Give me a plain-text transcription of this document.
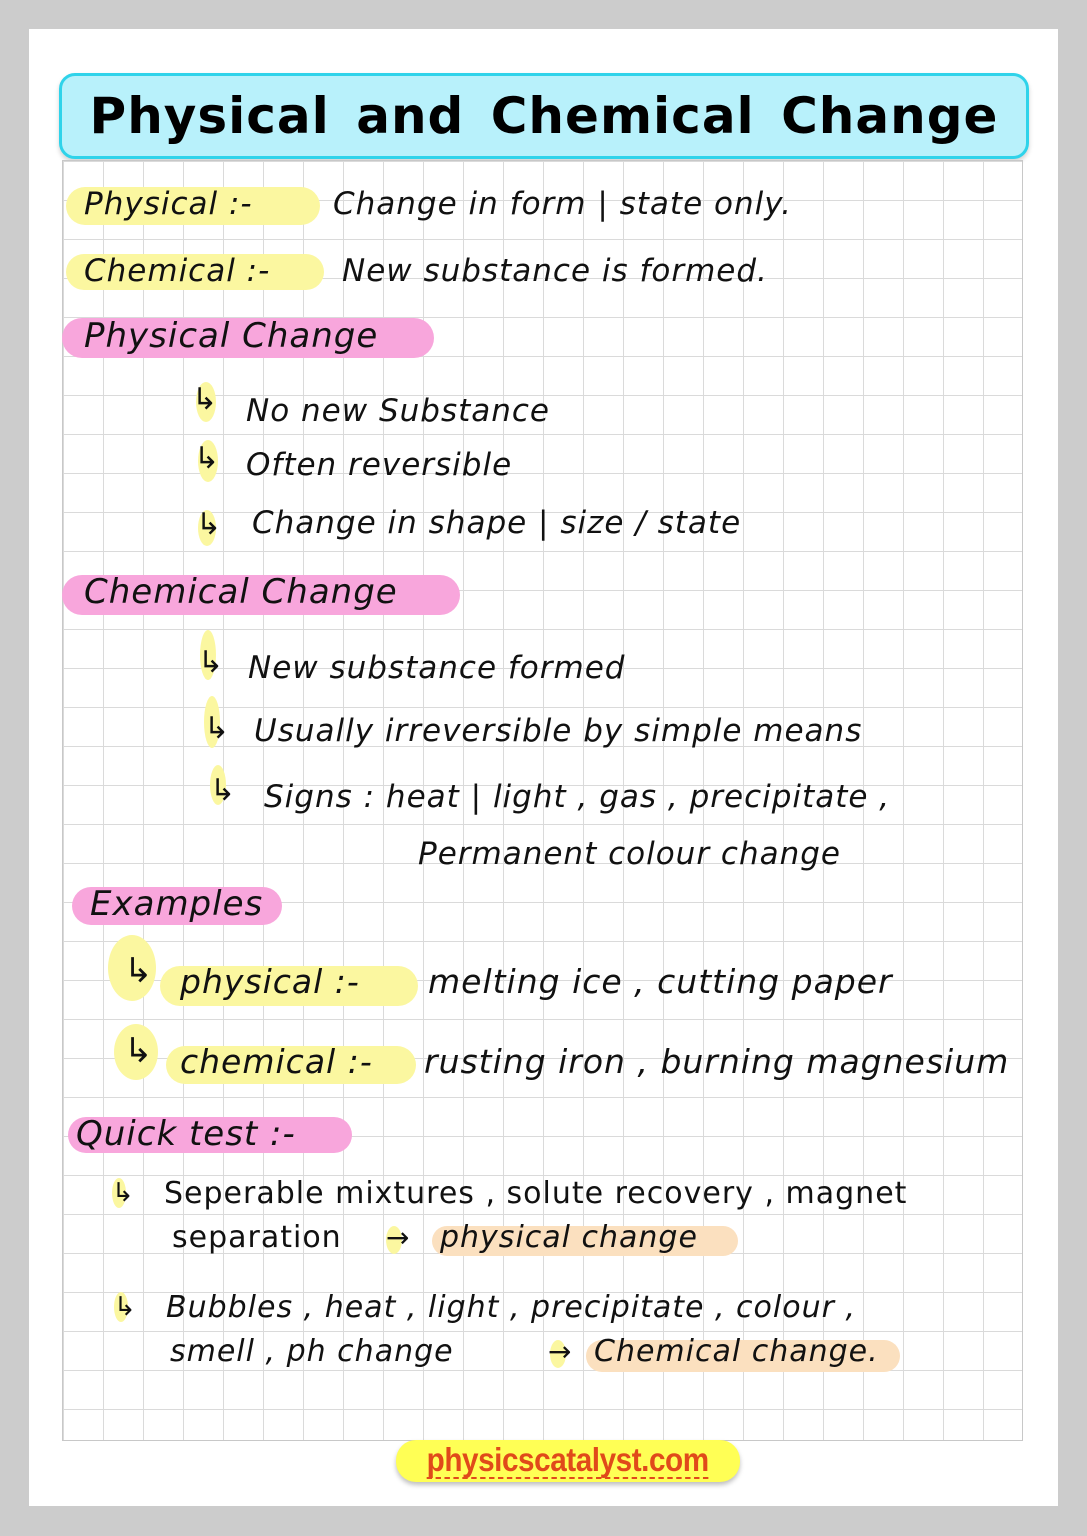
Physical and Chemical Change
Physical :-	Change in form | state only.
Chemical :- New substance is formed.
Physical Change
↳ No new Substance
↳ Often reversible
↳ Change in shape | size / state
Chemical Change
↳ New substance formed
↳ Usually irreversible by simple means
↳ Signs : heat | light , gas , precipitate ,
Permanent colour change
Examples
↳ physical :- melting ice , cutting paper
↳ chemical :- rusting iron , burning magnesium
Quick test :-
↳ Seperable mixtures , solute recovery , magnet
separation → physical change
↳ Bubbles , heat , light , precipitate , colour ,
smell , ph change	→ Chemical change.
physicscatalyst.com
